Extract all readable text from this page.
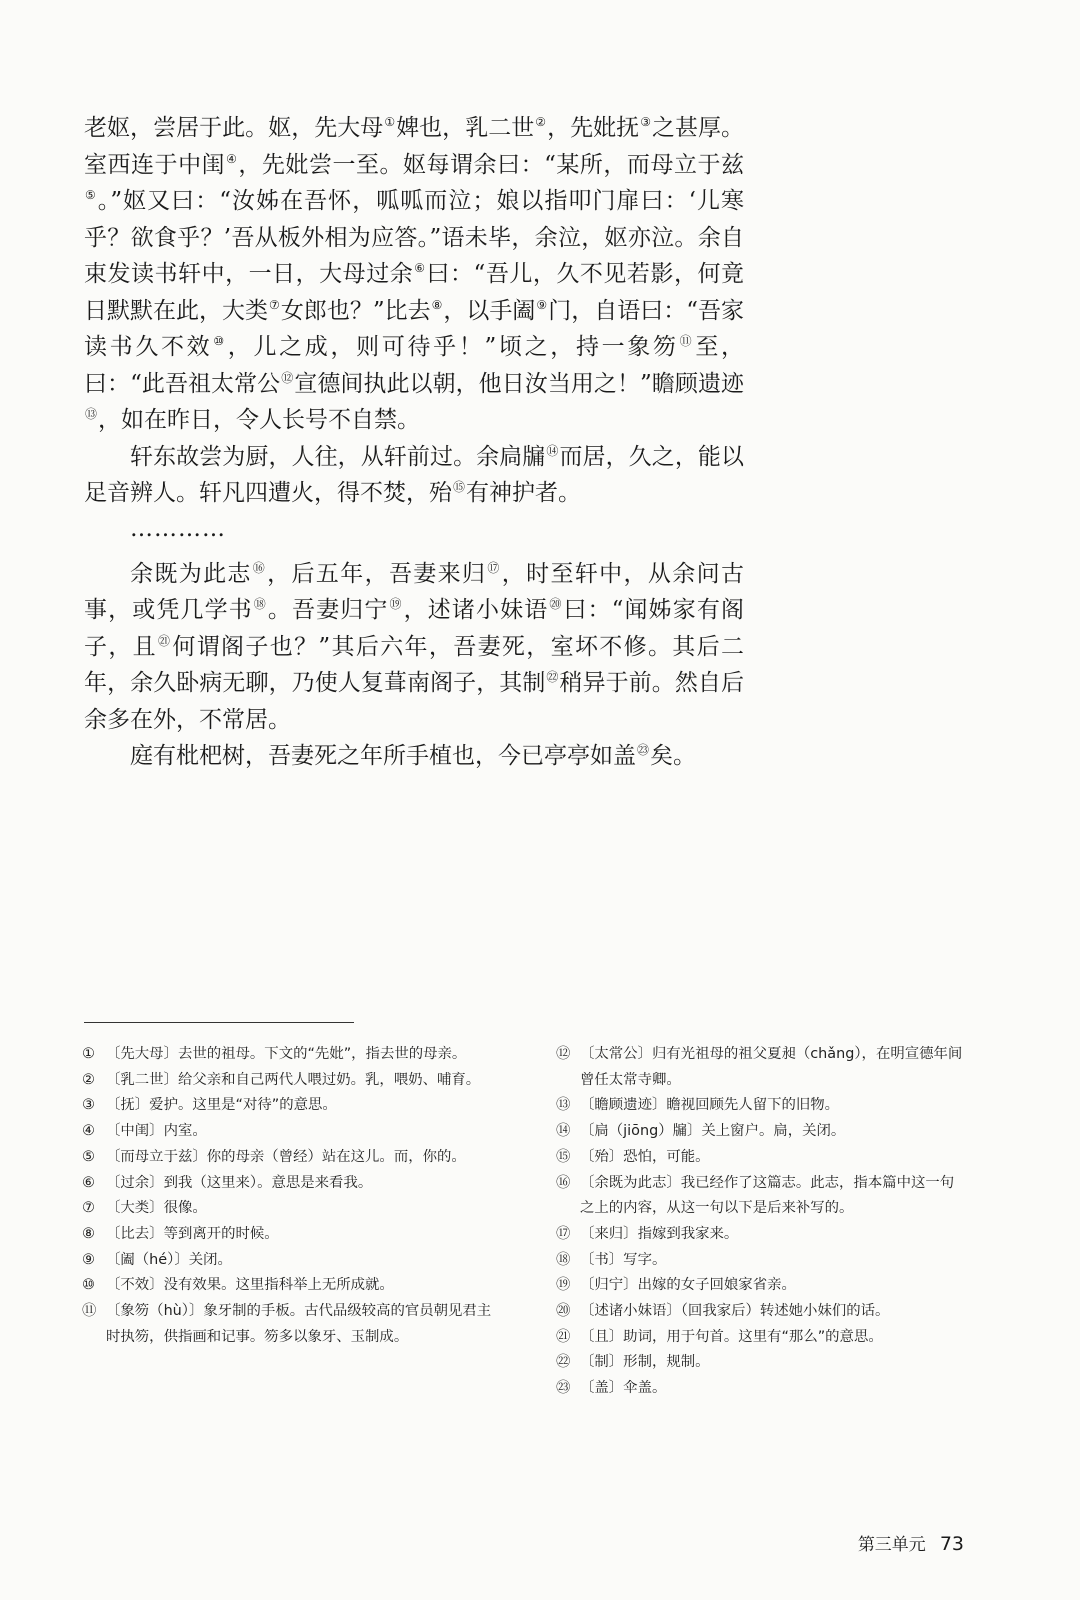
老妪，尝居于此。妪，先大母①婢也，乳二世②，先妣抚③之甚厚。室西连于中闺④，先妣尝一至。妪每谓余曰：“某所，而母立于兹⑤。”妪又曰：“汝姊在吾怀，呱呱而泣；娘以指叩门扉曰：‘儿寒乎？欲食乎？’吾从板外相为应答。”语未毕，余泣，妪亦泣。余自束发读书轩中，一日，大母过余⑥曰：“吾儿，久不见若影，何竟日默默在此，大类⑦女郎也？”比去⑧，以手阖⑨门，自语曰：“吾家读书久不效⑩，儿之成，则可待乎！”顷之，持一象笏⑪至，曰：“此吾祖太常公⑫宣德间执此以朝，他日汝当用之！”瞻顾遗迹⑬，如在昨日，令人长号不自禁。

轩东故尝为厨，人往，从轩前过。余扃牖⑭而居，久之，能以足音辨人。轩凡四遭火，得不焚，殆⑮有神护者。

…………

余既为此志⑯，后五年，吾妻来归⑰，时至轩中，从余问古事，或凭几学书⑱。吾妻归宁⑲，述诸小妹语⑳曰：“闻姊家有阁子，且$^㉑$何谓阁子也？”其后六年，吾妻死，室坏不修。其后二年，余久卧病无聊，乃使人复葺南阁子，其制$^㉒$稍异于前。然自后余多在外，不常居。

庭有枇杷树，吾妻死之年所手植也，今已亭亭如盖$^㉓$矣。

① 〔先大母〕去世的祖母。下文的“先妣”，指去世的母亲。
② 〔乳二世〕给父亲和自己两代人喂过奶。乳，喂奶、哺育。
③ 〔抚〕爱护。这里是“对待”的意思。
④ 〔中闺〕内室。
⑤ 〔而母立于兹〕你的母亲（曾经）站在这儿。而，你的。
⑥ 〔过余〕到我（这里来）。意思是来看我。
⑦ 〔大类〕很像。
⑧ 〔比去〕等到离开的时候。
⑨ 〔阖（hé）〕关闭。
⑩ 〔不效〕没有效果。这里指科举上无所成就。
⑪ 〔象笏（hù）〕象牙制的手板。古代品级较高的官员朝见君主时执笏，供指画和记事。笏多以象牙、玉制成。
⑫ 〔太常公〕归有光祖母的祖父夏昶（chǎng），在明宣德年间曾任太常寺卿。
⑬ 〔瞻顾遗迹〕瞻视回顾先人留下的旧物。
⑭ 〔扃（jiōng）牖〕关上窗户。扃，关闭。
⑮ 〔殆〕恐怕，可能。
⑯ 〔余既为此志〕我已经作了这篇志。此志，指本篇中这一句之上的内容，从这一句以下是后来补写的。
⑰ 〔来归〕指嫁到我家来。
⑱ 〔书〕写字。
⑲ 〔归宁〕出嫁的女子回娘家省亲。
⑳ 〔述诸小妹语〕（回我家后）转述她小妹们的话。
㉑ 〔且〕助词，用于句首。这里有“那么”的意思。
㉒ 〔制〕形制，规制。
㉓ 〔盖〕伞盖。
第三单元 73
